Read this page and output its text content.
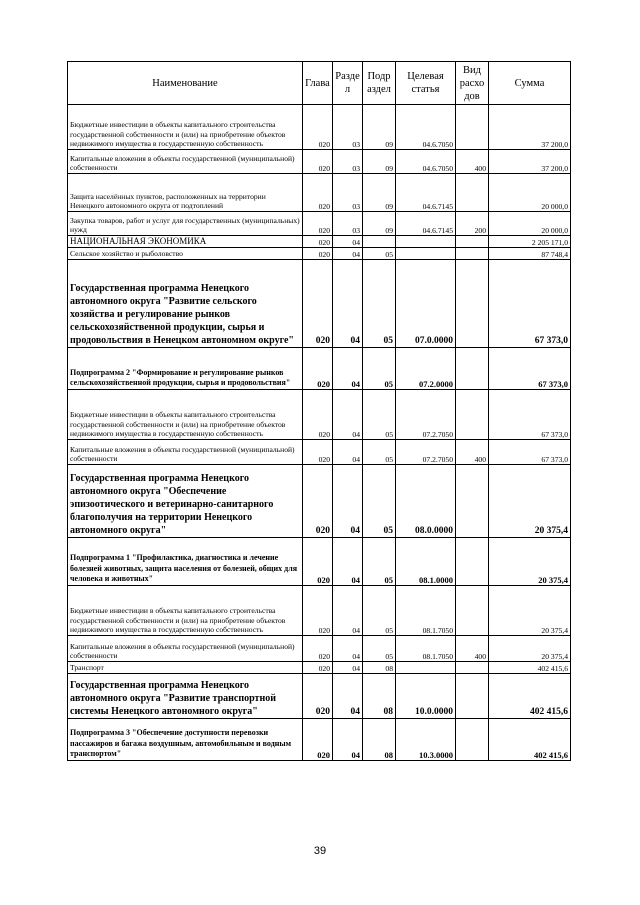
Наименование	Глава	Разде л	Подр аздел	Целевая статья	Вид расхо дов	Сумма
Бюджетные инвестиции в объекты капитального строительства государственной собственности и (или) на приобретение объектов недвижимого имущества в государственную собственность	020	03	09	04.6.7050		37 200,0
Капитальные вложения в объекты государственной (муниципальной) собственности	020	03	09	04.6.7050	400	37 200,0
Защита населённых пунктов, расположенных на территории Ненецкого автономного округа от подтоплений	020	03	09	04.6.7145		20 000,0
Закупка товаров, работ и услуг для государственных (муниципальных) нужд	020	03	09	04.6.7145	200	20 000,0
НАЦИОНАЛЬНАЯ ЭКОНОМИКА	020	04				2 205 171,0
Сельское хозяйство и рыболовство	020	04	05			87 748,4
Государственная программа Ненецкого автономного округа "Развитие сельского хозяйства и регулирование рынков сельскохозяйственной продукции, сырья и продовольствия в Ненецком автономном округе"	020	04	05	07.0.0000		67 373,0
Подпрограмма 2 "Формирование и регулирование рынков сельскохозяйственной продукции, сырья и продовольствия"	020	04	05	07.2.0000		67 373,0
Бюджетные инвестиции в объекты капитального строительства государственной собственности и (или) на приобретение объектов недвижимого имущества в государственную собственность	020	04	05	07.2.7050		67 373,0
Капитальные вложения в объекты государственной (муниципальной) собственности	020	04	05	07.2.7050	400	67 373,0
Государственная программа Ненецкого автономного округа "Обеспечение эпизоотического и ветеринарно-санитарного благополучия на территории Ненецкого автономного округа"	020	04	05	08.0.0000		20 375,4
Подпрограмма 1 "Профилактика, диагностика и лечение болезней животных, защита населения от болезней, общих для человека и животных"	020	04	05	08.1.0000		20 375,4
Бюджетные инвестиции в объекты капитального строительства государственной собственности и (или) на приобретение объектов недвижимого имущества в государственную собственность	020	04	05	08.1.7050		20 375,4
Капитальные вложения в объекты государственной (муниципальной) собственности	020	04	05	08.1.7050	400	20 375,4
Транспорт	020	04	08			402 415,6
Государственная программа Ненецкого автономного округа "Развитие транспортной системы Ненецкого автономного округа"	020	04	08	10.0.0000		402 415,6
Подпрограмма 3 "Обеспечение доступности перевозки пассажиров и багажа воздушным, автомобильным и водным транспортом"	020	04	08	10.3.0000		402 415,6
39
